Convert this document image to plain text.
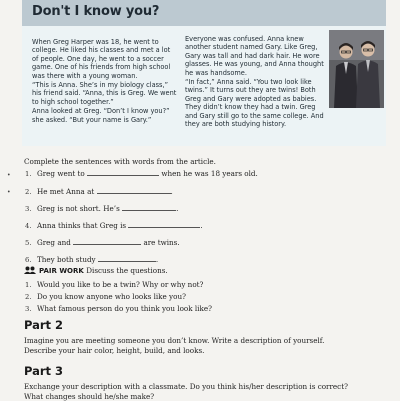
Don't I know you?

When Greg Harper was 18, he went to college. He liked his classes and met a lot of people. One day, he went to a soccer game. One of his friends from high school was there with a young woman.

“This is Anna. She’s in my biology class,” his friend said. “Anna, this is Greg. We went to high school together.”

Anna looked at Greg. “Don’t I know you?” she asked. “But your name is Gary.”

Everyone was confused. Anna knew another student named Gary. Like Greg, Gary was tall and had dark hair. He wore glasses. He was young, and Anna thought he was handsome.

“In fact,” Anna said. “You two look like twins.” It turns out they are twins! Both Greg and Gary were adopted as babies. They didn’t know they had a twin. Greg and Gary still go to the same college. And they are both studying history.

Complete the sentences with words from the article.
• 1. Greg went to	when he was 18 years old.
• 2. He met Anna at	.
3. Greg is not short. He’s	.
4. Anna thinks that Greg is	.
5. Greg and	are twins.
6. They both study	.
PAIR WORK Discuss the questions.
1. Would you like to be a twin? Why or why not?
2. Do you know anyone who looks like you?
3. What famous person do you think you look like?
Part 2
Imagine you are meeting someone you don’t know. Write a description of yourself.
Describe your hair color, height, build, and looks.
Part 3
Exchange your description with a classmate. Do you think his/her description is correct?
What changes should he/she make?
